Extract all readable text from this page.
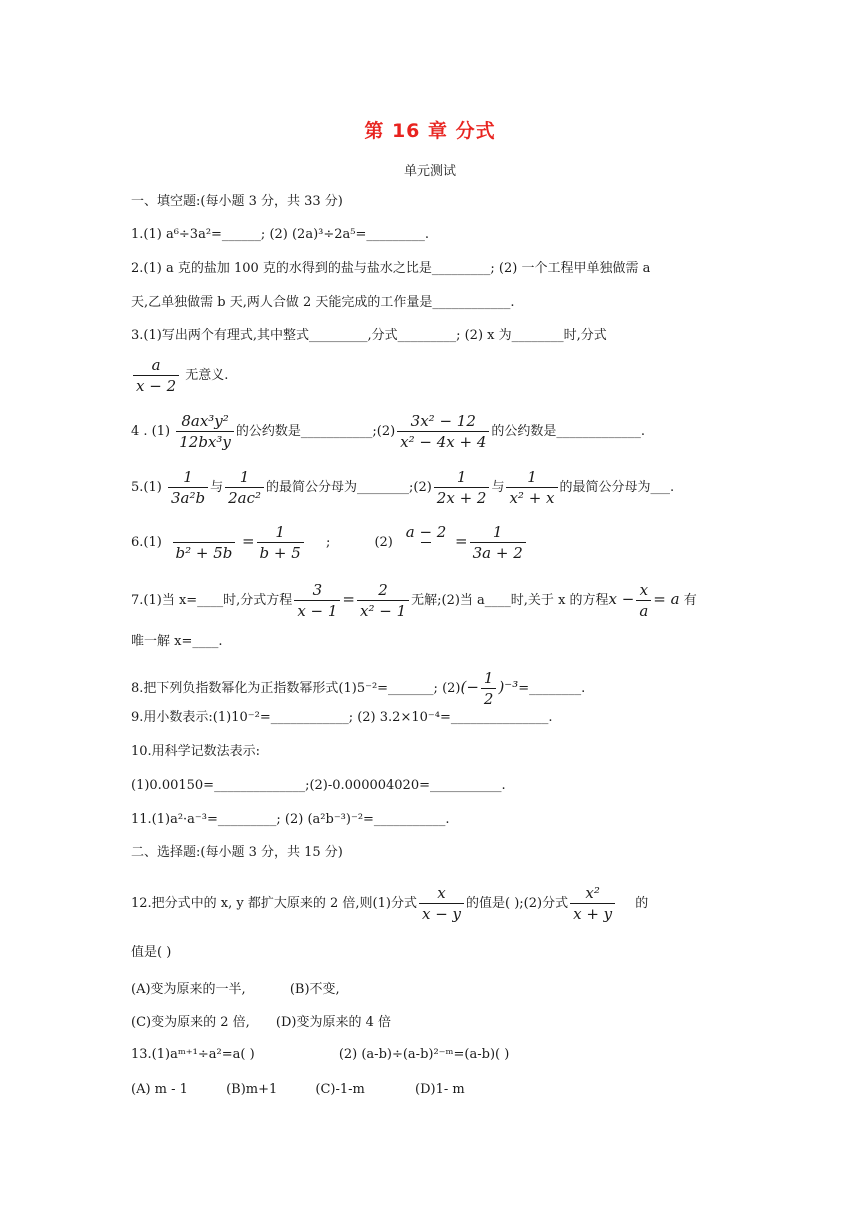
第 16 章 分式
单元测试
一、填空题:(每小题 3 分，共 33 分)
1.(1) a⁶÷3a²=______; (2) (2a)³÷2a⁵=_________.
2.(1) a 克的盐加 100 克的水得到的盐与盐水之比是_________; (2) 一个工程甲单独做需 a
天,乙单独做需 b 天,两人合做 2 天能完成的工作量是____________.
3.(1)写出两个有理式,其中整式_________,分式_________; (2) x 为________时,分式
$\frac{a}{x - 2}$ 无意义.
4 . $(1) \frac{\text{8ax³y²}}{\text{12bx³y}}$ 的公约数是___________;(2) $\frac{\text{3x² − 12}}{\text{x² − 4x + 4}}$ 的公约数是_____________.
$5.(1) \frac{1}{\text{3a²b}}$ 与 $\frac{1}{\text{2ac²}}$ 的最简公分母为________;(2) $\frac{1}{2x + 2}$ 与 $\frac{1}{\text{x² + x}}$ 的最简公分母为___.
6.(1)

b² + 5b
= $\frac{1}{b + 5}$ ;	(2)
a − 2
= $\frac{1}{3a + 2}$
7.(1)当 x=____时,分式方程 $\frac{3}{x - 1} = \frac{2}{\text{x² − 1}}$ 无解;(2)当 a____时,关于 x 的方程$x - \frac{x}{a} = a$ 有
唯一解 x=____.
8.把下列负指数幂化为正指数幂形式(1)5⁻²=_______; $(2)(- \frac{1}{2}$ )⁻³=________.
9.用小数表示:(1)10⁻²=____________; (2) 3.2×10⁻⁴=_______________.
10.用科学记数法表示:
(1)0.00150=______________;(2)-0.000004020=___________.
11.(1)a²·a⁻³=_________; (2) (a²b⁻³)⁻²=___________.
二、选择题:(每小题 3 分，共 15 分)
12.把分式中的 x, y 都扩大原来的 2 倍,则(1)分式 $\frac{x}{x - y}$ 的值是( );(2)分式 $\frac{\text{x²}}{x + y}$ 的
值是( )
(A)变为原来的一半,	(B)不变,
(C)变为原来的 2 倍, (D)变为原来的 4 倍
13.(1)aᵐ⁺¹÷a²=a( )	(2) (a-b)÷(a-b)²⁻ᵐ=(a-b)( )
(A) m - 1	(B)m+1	(C)-1-m	(D)1- m
